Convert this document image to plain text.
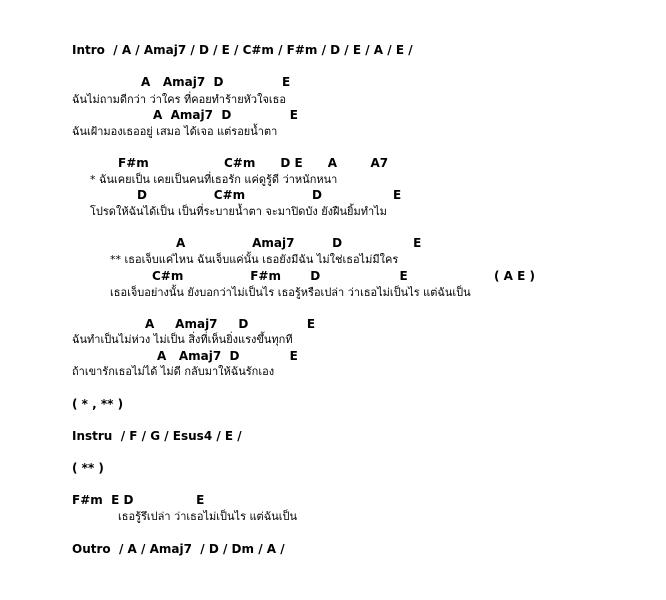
Intro  / A / Amaj7 / D / E / C#m / F#m / D / E / A / E /
A   Amaj7  D              E
ฉันไม่ถามดีกว่า ว่าใคร ที่คอยทำร้ายหัวใจเธอ
A  Amaj7  D              E
ฉันเฝ้ามองเธออยู่ เสมอ ได้เจอ แต่รอยน้ำตา
F#m                  C#m      D E      A        A7
* ฉันเคยเป็น เคยเป็นคนที่เธอรัก แค่ดูรู้ดี ว่าหนักหนา
D                C#m                D                 E
โปรดให้ฉันได้เป็น เป็นที่ระบายน้ำตา จะมาปิดบัง ยังฝืนยิ้มทำไม
A                Amaj7         D                 E
** เธอเจ็บแค่ไหน ฉันเจ็บแค่นั้น เธอยังมีฉัน ไม่ใช่เธอไม่มีใคร
C#m                F#m       D                   E	( A E )
เธอเจ็บอย่างนั้น ยังบอกว่าไม่เป็นไร เธอรู้หรือเปล่า ว่าเธอไม่เป็นไร แต่ฉันเป็น
A     Amaj7     D              E
ฉันทำเป็นไม่ห่วง ไม่เป็น สิ่งที่เห็นยิ่งแรงขึ้นทุกที
A   Amaj7  D            E
ถ้าเขารักเธอไม่ได้ ไม่ดี กลับมาให้ฉันรักเอง
( * , ** )
Instru  / F / G / Esus4 / E /
( ** )
F#m  E D               E
เธอรู้รึเปล่า ว่าเธอไม่เป็นไร แต่ฉันเป็น
Outro  / A / Amaj7  / D / Dm / A /
